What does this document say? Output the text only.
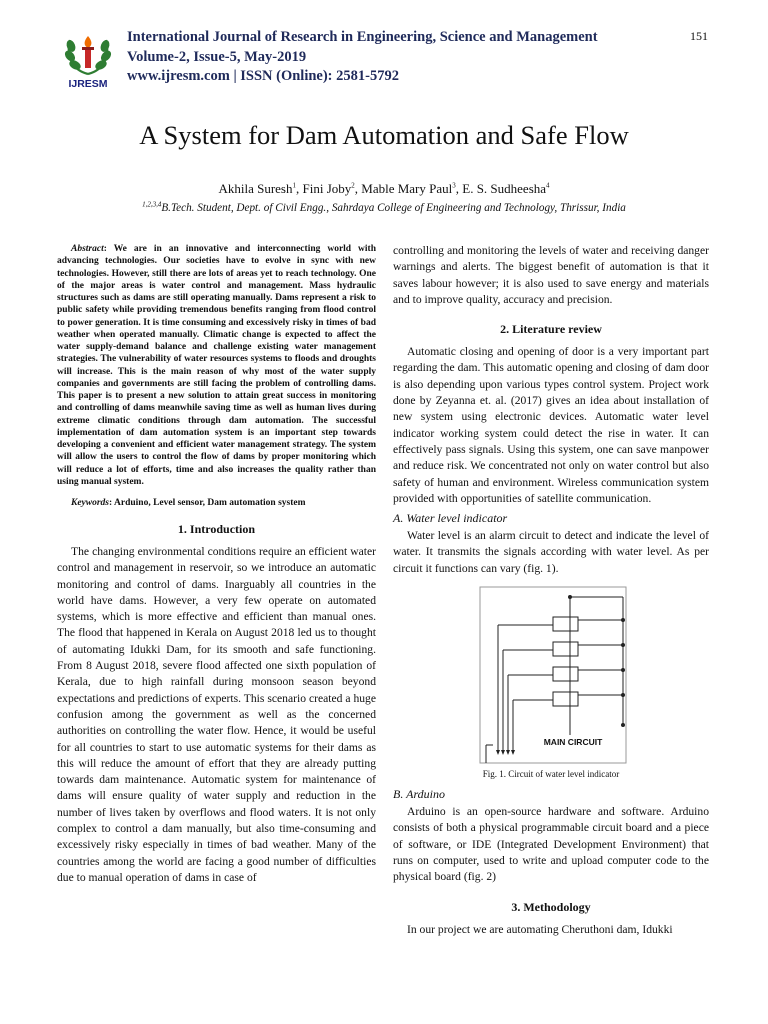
IJRESM
International Journal of Research in Engineering, Science and Management
Volume-2, Issue-5, May-2019
www.ijresm.com | ISSN (Online): 2581-5792
151
A System for Dam Automation and Safe Flow
Akhila Suresh$^1$, Fini Joby$^2$, Mable Mary Paul$^3$, E. S. Sudheesha$^4$
$^{1,2,3,4}$B.Tech. Student, Dept. of Civil Engg., Sahrdaya College of Engineering and Technology, Thrissur, India

Abstract: We are in an innovative and interconnecting world with advancing technologies. Our societies have to evolve in sync with new technologies. However, still there are lots of areas yet to reach technology. One of the major areas is water control and management. Mass hydraulic structures such as dams are still operating manually. Dams represent a risk to public safety while providing tremendous benefits ranging from flood control to power generation. It is time consuming and excessively risky in times of bad weather when operated manually. Climatic change is expected to affect the water supply-demand balance and challenge existing water management strategies. The vulnerability of water resources systems to floods and droughts will increase. This is the main reason of why most of the water supply companies and governments are still facing the problem of controlling dams. This paper is to present a new solution to attain great success in monitoring and controlling of dams meanwhile saving time as well as human lives during extreme climatic conditions through dam automation. The successful implementation of dam automation system is an important step towards developing a convenient and efficient water management strategy. The system will allow the users to control the flow of dams by proper monitoring which will reduce a lot of efforts, time and also increases the quality rather than using manual system.

Keywords: Arduino, Level sensor, Dam automation system

1. Introduction

The changing environmental conditions require an efficient water control and management in reservoir, so we introduce an automatic monitoring and control of dams. Inarguably all countries in the world have dams. However, a very few operate on automated systems, which is more effective and efficient than manual ones. The flood that happened in Kerala on August 2018 led us to thought of automating Idukki Dam, for its smooth and safe functioning. From 8 August 2018, severe flood affected one sixth population of Kerala, due to high rainfall during monsoon season beyond expectations and predictions of experts. This scenario created a huge confusion among the government as well as the concerned authorities on controlling the water flow. Hence, it would be useful for all countries to start to use automatic systems for their dams as this will reduce the amount of effort that they are already putting towards dam maintenance. Automatic system for maintenance of dams will ensure quality of water supply and reduction in the number of lives taken by overflows and flood waters. It is not only complex to control a dam manually, but also time-consuming and excessively risky especially in times of bad weather. Many of the countries among the world are facing a good number of difficulties due to manual operation of dams in case of

controlling and monitoring the levels of water and receiving danger warnings and alerts. The biggest benefit of automation is that it saves labour however; it is also used to save energy and materials and to improve quality, accuracy and precision.

2. Literature review

Automatic closing and opening of door is a very important part regarding the dam. This automatic opening and closing of dam door is also depending upon various types control system. Project work done by Zeyanna et. al. (2017) gives an idea about installation of new system using electronic devices. Automatic water level indicator working system could detect the rise in water. It can effectively pass signals. Using this system, one can save manpower and reduce risk. We concentrated not only on water control but also safety of human and environment. Wireless communication system provided with opportunities of satellite communication.

A. Water level indicator

Water level is an alarm circuit to detect and indicate the level of water. It transmits the signals according with water level. As per circuit it functions can vary (fig. 1).

MAIN CIRCUIT
Fig. 1. Circuit of water level indicator
B. Arduino

Arduino is an open-source hardware and software. Arduino consists of both a physical programmable circuit board and a piece of software, or IDE (Integrated Development Environment) that runs on computer, used to write and upload computer code to the physical board (fig. 2)

3. Methodology

In our project we are automating Cheruthoni dam, Idukki
